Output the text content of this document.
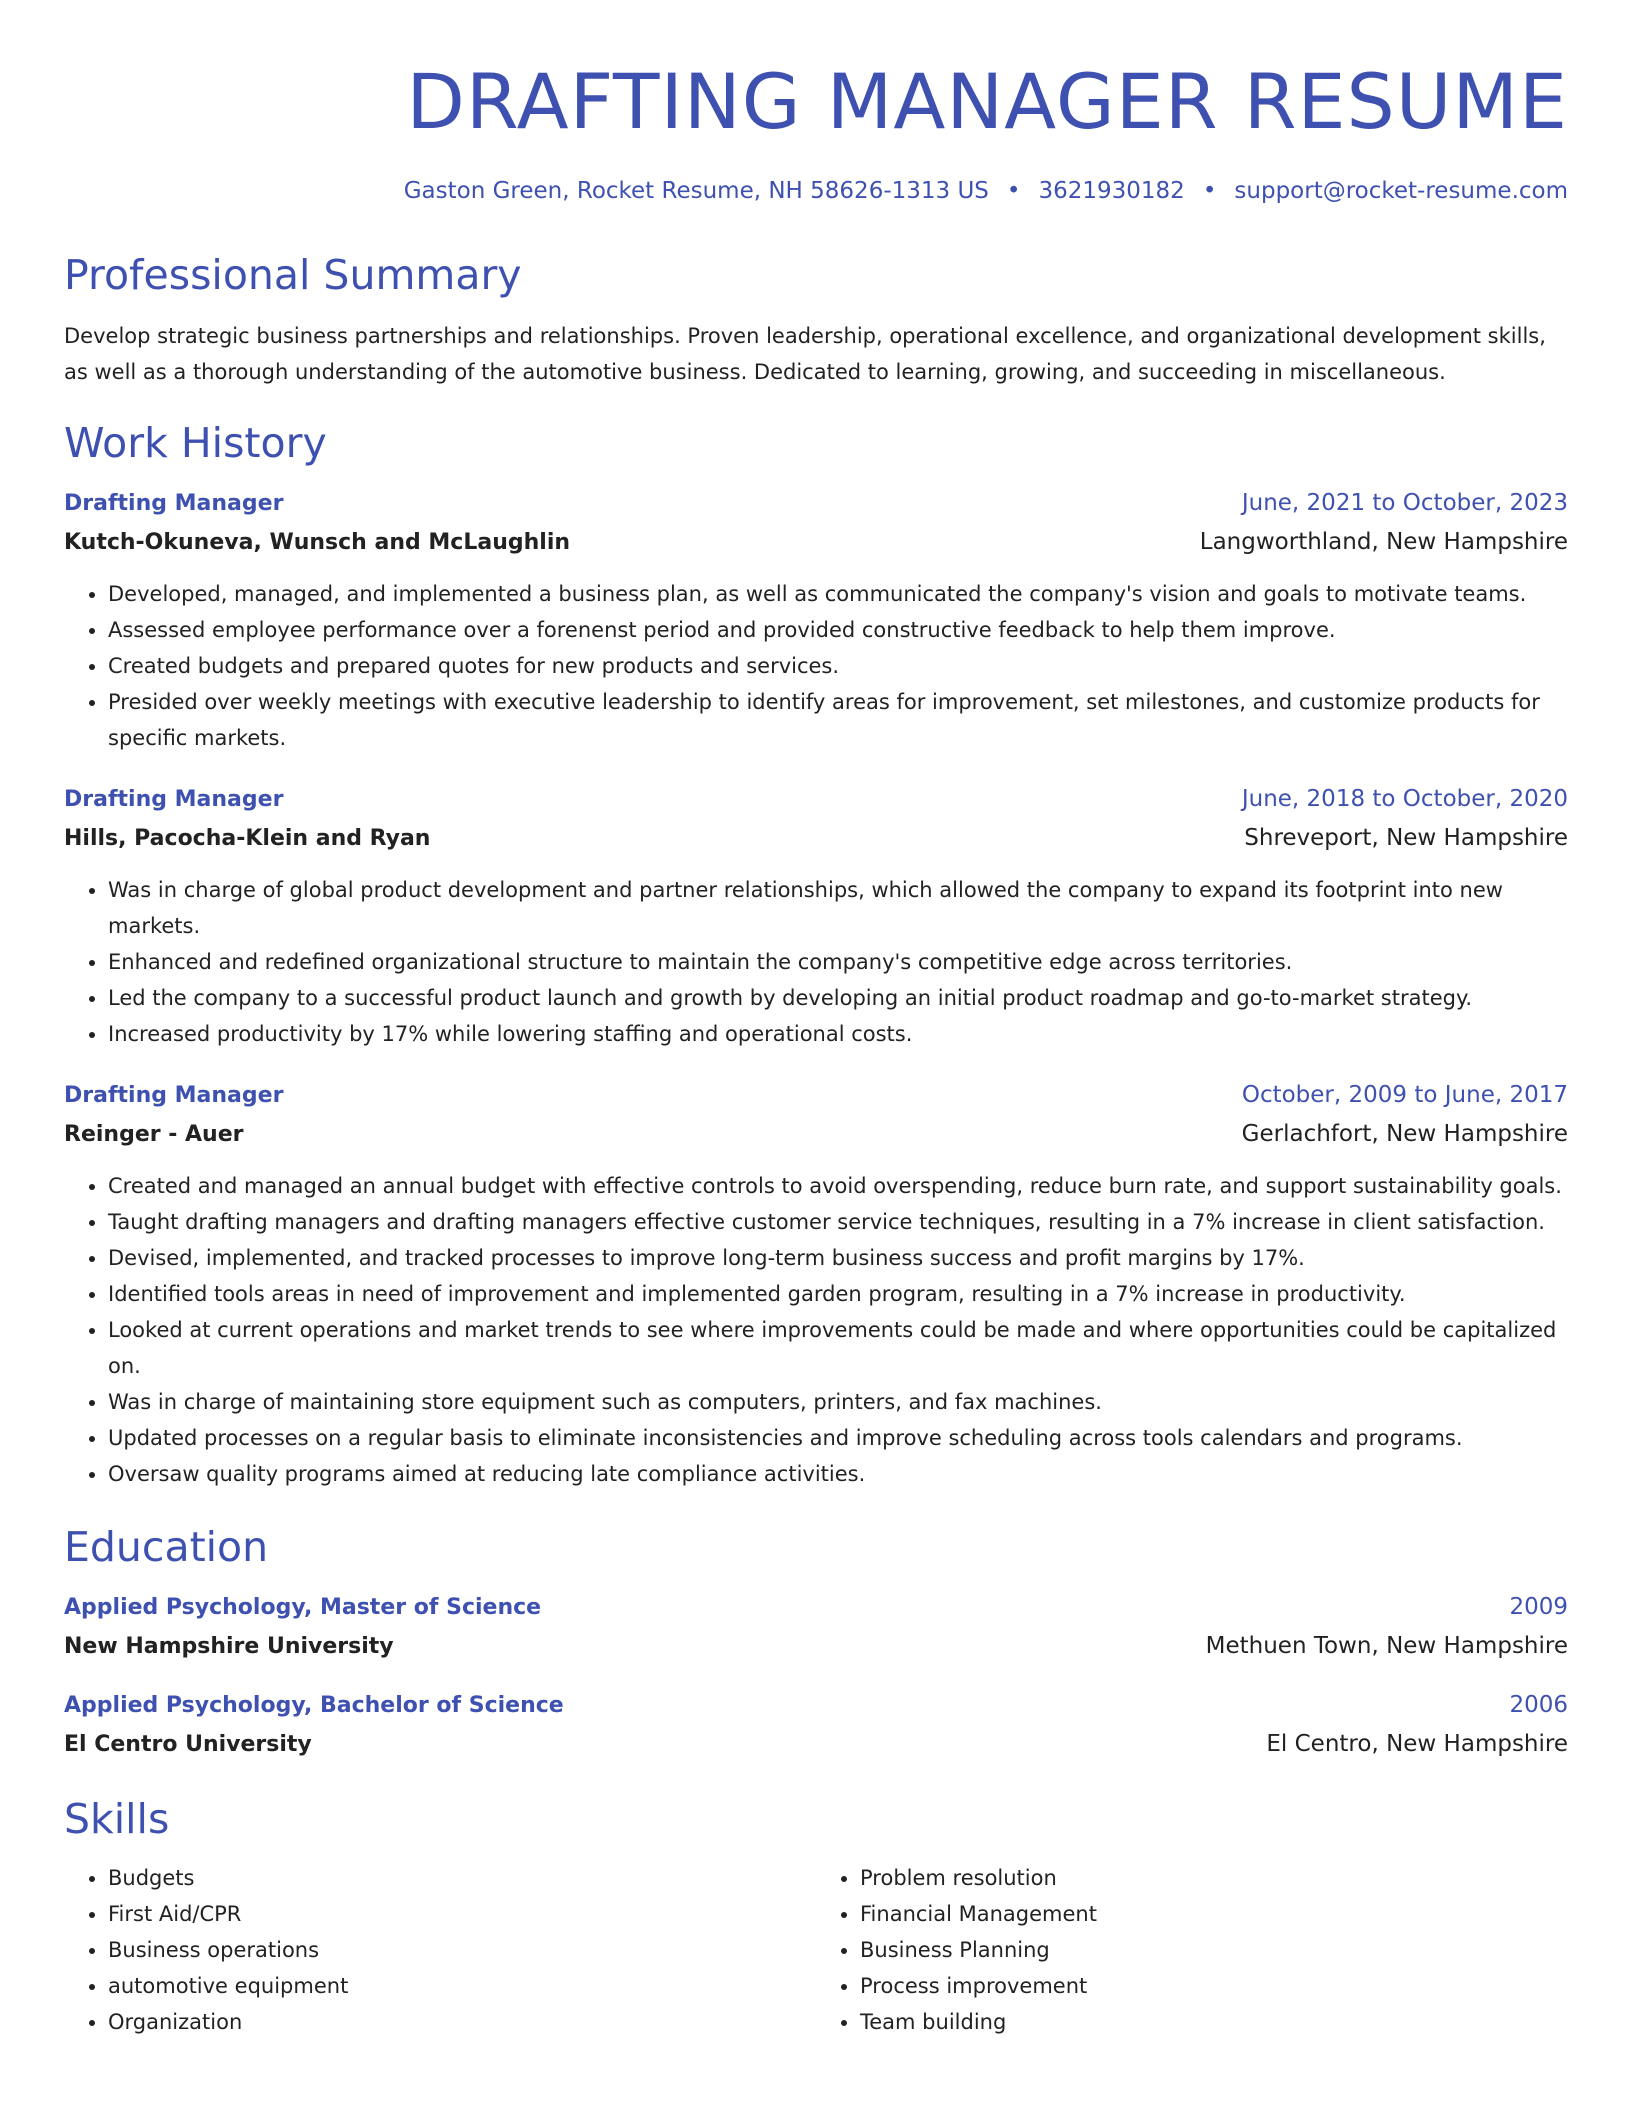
DRAFTING MANAGER RESUME
Gaston Green, Rocket Resume, NH 58626-1313 US • 3621930182 • support@rocket-resume.com
Professional Summary
Develop strategic business partnerships and relationships. Proven leadership, operational excellence, and organizational development skills, as well as a thorough understanding of the automotive business. Dedicated to learning, growing, and succeeding in miscellaneous.
Work History
Drafting Manager	June, 2021 to October, 2023
Kutch-Okuneva, Wunsch and McLaughlin	Langworthland, New Hampshire
• Developed, managed, and implemented a business plan, as well as communicated the company's vision and goals to motivate teams.
• Assessed employee performance over a forenenst period and provided constructive feedback to help them improve.
• Created budgets and prepared quotes for new products and services.
• Presided over weekly meetings with executive leadership to identify areas for improvement, set milestones, and customize products for specific markets.
Drafting Manager	June, 2018 to October, 2020
Hills, Pacocha-Klein and Ryan	Shreveport, New Hampshire
• Was in charge of global product development and partner relationships, which allowed the company to expand its footprint into new markets.
• Enhanced and redefined organizational structure to maintain the company's competitive edge across territories.
• Led the company to a successful product launch and growth by developing an initial product roadmap and go-to-market strategy.
• Increased productivity by 17% while lowering staffing and operational costs.
Drafting Manager	October, 2009 to June, 2017
Reinger - Auer	Gerlachfort, New Hampshire
• Created and managed an annual budget with effective controls to avoid overspending, reduce burn rate, and support sustainability goals.
• Taught drafting managers and drafting managers effective customer service techniques, resulting in a 7% increase in client satisfaction.
• Devised, implemented, and tracked processes to improve long-term business success and profit margins by 17%.
• Identified tools areas in need of improvement and implemented garden program, resulting in a 7% increase in productivity.
• Looked at current operations and market trends to see where improvements could be made and where opportunities could be capitalized on.
• Was in charge of maintaining store equipment such as computers, printers, and fax machines.
• Updated processes on a regular basis to eliminate inconsistencies and improve scheduling across tools calendars and programs.
• Oversaw quality programs aimed at reducing late compliance activities.
Education
Applied Psychology, Master of Science	2009
New Hampshire University	Methuen Town, New Hampshire
Applied Psychology, Bachelor of Science	2006
El Centro University	El Centro, New Hampshire
Skills
• Budgets
• First Aid/CPR
• Business operations
• automotive equipment
• Organization
• Problem resolution
• Financial Management
• Business Planning
• Process improvement
• Team building
